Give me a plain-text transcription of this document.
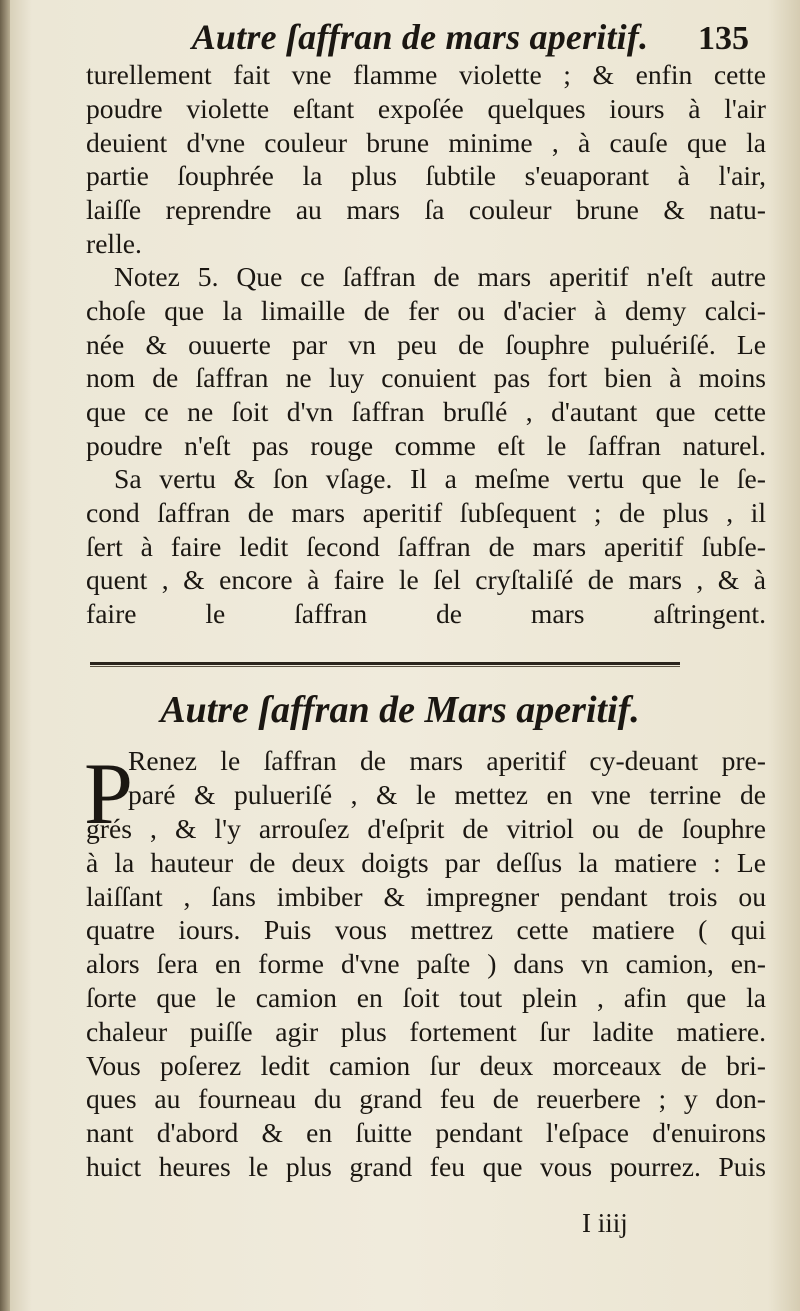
Autre ſaffran de mars aperitif.	135
turellement fait vne flamme violette ; & enfin cette
poudre violette eſtant expoſée quelques iours à l'air
deuient d'vne couleur brune minime , à cauſe que la
partie ſouphrée la plus ſubtile s'euaporant à l'air,
laiſſe reprendre au mars ſa couleur brune & natu-
relle.
Notez 5. Que ce ſaffran de mars aperitif n'eſt autre
choſe que la limaille de fer ou d'acier à demy calci-
née & ouuerte par vn peu de ſouphre puluériſé. Le
nom de ſaffran ne luy conuient pas fort bien à moins
que ce ne ſoit d'vn ſaffran bruſlé , d'autant que cette
poudre n'eſt pas rouge comme eſt le ſaffran naturel.
Sa vertu & ſon vſage. Il a meſme vertu que le ſe-
cond ſaffran de mars aperitif ſubſequent ; de plus , il
ſert à faire ledit ſecond ſaffran de mars aperitif ſubſe-
quent , & encore à faire le ſel cryſtaliſé de mars , & à
faire le ſaffran de mars aſtringent.
Autre ſaffran de Mars aperitif.
P
Renez le ſaffran de mars aperitif cy-deuant pre-
paré & pulueriſé , & le mettez en vne terrine de
grés , & l'y arrouſez d'eſprit de vitriol ou de ſouphre
à la hauteur de deux doigts par deſſus la matiere : Le
laiſſant , ſans imbiber & impregner pendant trois ou
quatre iours. Puis vous mettrez cette matiere ( qui
alors ſera en forme d'vne paſte ) dans vn camion, en-
ſorte que le camion en ſoit tout plein , afin que la
chaleur puiſſe agir plus fortement ſur ladite matiere.
Vous poſerez ledit camion ſur deux morceaux de bri-
ques au fourneau du grand feu de reuerbere ; y don-
nant d'abord & en ſuitte pendant l'eſpace d'enuirons
huict heures le plus grand feu que vous pourrez. Puis
I iiij
